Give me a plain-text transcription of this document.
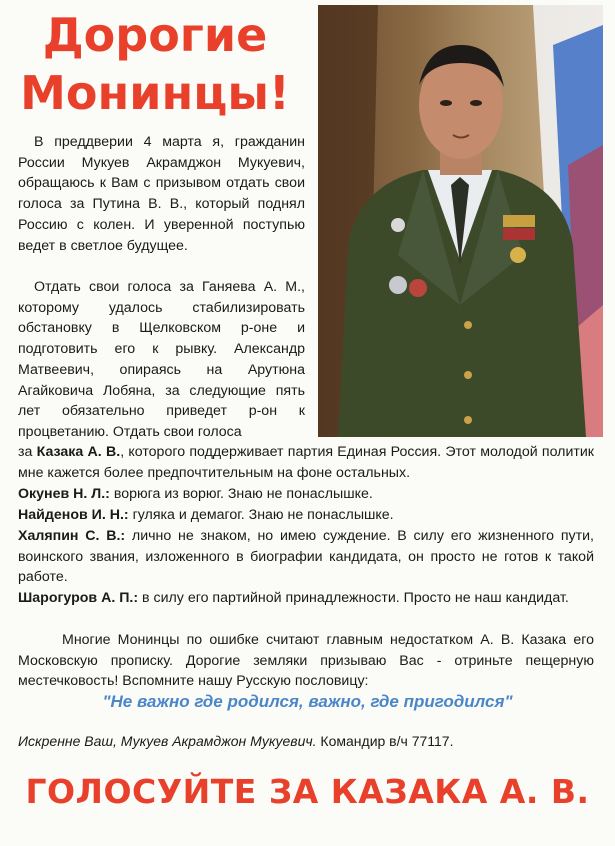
Дорогие
Монинцы!

В преддверии 4 марта я, гражданин России Мукуев Акрамджон Мукуевич, обращаюсь к Вам с призывом отдать свои голоса за Путина В. В., который поднял Россию с колен. И уверенной поступью ведет в светлое будущее.

Отдать свои голоса за Ганяева А. М., которому удалось стабилизировать обстановку в Щелковском р-оне и подготовить его к рывку. Александр Матвеевич, опираясь на Арутюна Агайковича Лобяна, за следующие пять лет обязательно приведет р-он к процветанию. Отдать свои голоса

за Казака А. В., которого поддерживает партия Единая Россия. Этот молодой политик мне кажется более предпочтительным на фоне остальных.

Окунев Н. Л.: ворюга из ворюг. Знаю не понаслышке.

Найденов И. Н.: гуляка и демагог. Знаю не понаслышке.

Халяпин С. В.: лично не знаком, но имею суждение. В силу его жизненного пути, воинского звания, изложенного в биографии кандидата, он просто не готов к такой работе.

Шарогуров А. П.: в силу его партийной принадлежности. Просто не наш кандидат.

Многие Монинцы по ошибке считают главным недостатком А. В. Казака его Московскую прописку. Дорогие земляки призываю Вас - отриньте пещерную местечковость! Вспомните нашу Русскую пословицу:

"Не важно где родился, важно, где пригодился"
Искренне Ваш, Мукуев Акрамджон Мукуевич. Командир в/ч 77117.
ГОЛОСУЙТЕ ЗА КАЗАКА А. В.
